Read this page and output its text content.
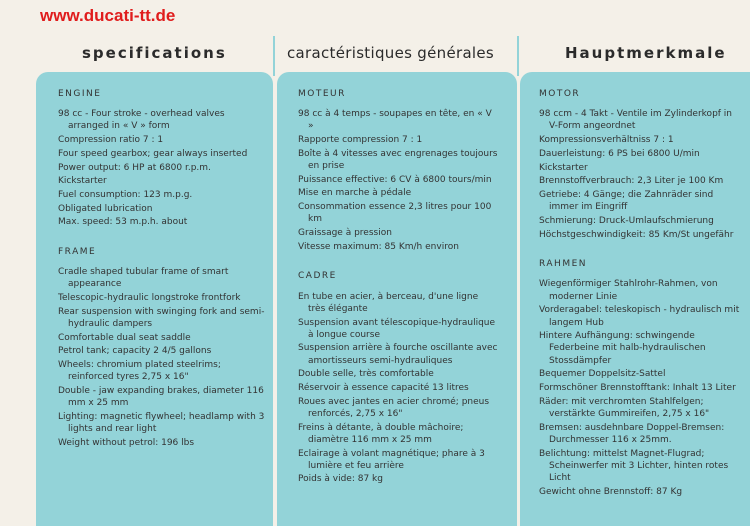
www.ducati-tt.de
specifications	caractéristiques générales	Hauptmerkmale
ENGINE
98 cc - Four stroke - overhead valves arranged in « V » form
Compression ratio 7 : 1
Four speed gearbox; gear always inserted
Power output: 6 HP at 6800 r.p.m.
Kickstarter
Fuel consumption: 123 m.p.g.
Obligated lubrication
Max. speed: 53 m.p.h. about
FRAME
Cradle shaped tubular frame of smart appearance
Telescopic-hydraulic longstroke frontfork
Rear suspension with swinging fork and semi-hydraulic dampers
Comfortable dual seat saddle
Petrol tank; capacity 2 4/5 gallons
Wheels: chromium plated steelrims; reinforced tyres 2,75 x 16"
Double - jaw expanding brakes, diameter 116 mm x 25 mm
Lighting: magnetic flywheel; headlamp with 3 lights and rear light
Weight without petrol: 196 lbs
MOTEUR
98 cc à 4 temps - soupapes en tête, en « V »
Rapporte compression 7 : 1
Boîte à 4 vitesses avec engrenages toujours en prise
Puissance effective: 6 CV à 6800 tours/min
Mise en marche à pédale
Consommation essence 2,3 litres pour 100 km
Graissage à pression
Vitesse maximum: 85 Km/h environ
CADRE
En tube en acier, à berceau, d'une ligne très élégante
Suspension avant télescopique-hydraulique à longue course
Suspension arrière à fourche oscillante avec amortisseurs semi-hydrauliques
Double selle, très comfortable
Réservoir à essence capacité 13 litres
Roues avec jantes en acier chromé; pneus renforcés, 2,75 x 16"
Freins à détante, à double mâchoire; diamètre 116 mm x 25 mm
Eclairage à volant magnétique; phare à 3 lumière et feu arrière
Poids à vide: 87 kg
MOTOR
98 ccm - 4 Takt - Ventile im Zylinderkopf in V-Form angeordnet
Kompressionsverhältniss 7 : 1
Dauerleistung: 6 PS bei 6800 U/min
Kickstarter
Brennstoffverbrauch: 2,3 Liter je 100 Km
Getriebe: 4 Gänge; die Zahnräder sind immer im Eingriff
Schmierung: Druck-Umlaufschmierung
Höchstgeschwindigkeit: 85 Km/St ungefähr
RAHMEN
Wiegenförmiger Stahlrohr-Rahmen, von moderner Linie
Vorderagabel: teleskopisch - hydraulisch mit langem Hub
Hintere Aufhängung: schwingende Federbeine mit halb-hydraulischen Stossdämpfer
Bequemer Doppelsitz-Sattel
Formschöner Brennstofftank: Inhalt 13 Liter
Räder: mit verchromten Stahlfelgen; verstärkte Gummireifen, 2,75 x 16"
Bremsen: ausdehnbare Doppel-Bremsen: Durchmesser 116 x 25mm.
Belichtung: mittelst Magnet-Flugrad; Scheinwerfer mit 3 Lichter, hinten rotes Licht
Gewicht ohne Brennstoff: 87 Kg
